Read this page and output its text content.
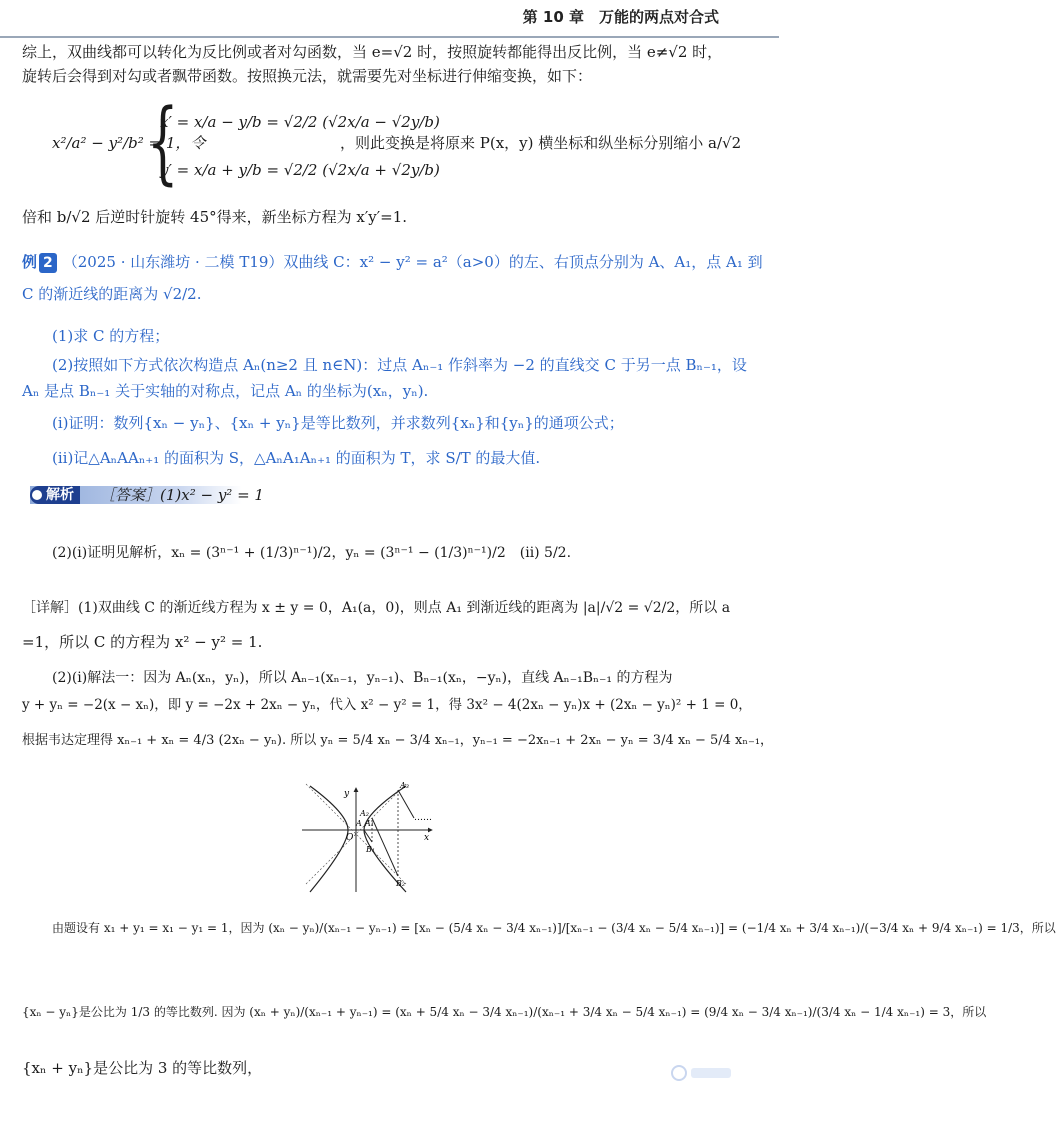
第 10 章　万能的两点对合式
综上，双曲线都可以转化为反比例或者对勾函数，当 e=√2 时，按照旋转都能得出反比例，当 e≠√2 时，
旋转后会得到对勾或者飘带函数。按照换元法，就需要先对坐标进行伸缩变换，如下：
x²/a² − y²/b² = 1，令
{
x′ = x/a − y/b = √2/2 (√2x/a − √2y/b)
y′ = x/a + y/b = √2/2 (√2x/a + √2y/b)
，则此变换是将原来 P(x，y) 横坐标和纵坐标分别缩小 a/√2
倍和 b/√2 后逆时针旋转 45°得来，新坐标方程为 x′y′=1.
例 2 （2025 · 山东潍坊 · 二模 T19）双曲线 C：x² − y² = a²（a>0）的左、右顶点分别为 A、A₁，点 A₁ 到
C 的渐近线的距离为 √2/2.
(1)求 C 的方程；
(2)按照如下方式依次构造点 Aₙ(n≥2 且 n∈N)：过点 Aₙ₋₁ 作斜率为 −2 的直线交 C 于另一点 Bₙ₋₁，设
Aₙ 是点 Bₙ₋₁ 关于实轴的对称点，记点 Aₙ 的坐标为(xₙ，yₙ).
(ⅰ)证明：数列{xₙ − yₙ}、{xₙ + yₙ}是等比数列，并求数列{xₙ}和{yₙ}的通项公式；
(ⅱ)记△AₙAAₙ₊₁ 的面积为 S，△AₙA₁Aₙ₊₁ 的面积为 T，求 S/T 的最大值.
解析	［答案］(1)x² − y² = 1
(2)(ⅰ)证明见解析，xₙ = (3ⁿ⁻¹ + (1/3)ⁿ⁻¹)/2，yₙ = (3ⁿ⁻¹ − (1/3)ⁿ⁻¹)/2　(ⅱ) 5/2.
［详解］(1)双曲线 C 的渐近线方程为 x ± y = 0，A₁(a，0)，则点 A₁ 到渐近线的距离为 |a|/√2 = √2/2，所以 a
=1，所以 C 的方程为 x² − y² = 1.
(2)(ⅰ)解法一：因为 Aₙ(xₙ，yₙ)，所以 Aₙ₋₁(xₙ₋₁，yₙ₋₁)、Bₙ₋₁(xₙ，−yₙ)，直线 Aₙ₋₁Bₙ₋₁ 的方程为
y + yₙ = −2(x − xₙ)，即 y = −2x + 2xₙ − yₙ，代入 x² − y² = 1，得 3x² − 4(2xₙ − yₙ)x + (2xₙ − yₙ)² + 1 = 0，
根据韦达定理得 xₙ₋₁ + xₙ = 4/3 (2xₙ − yₙ). 所以 yₙ = 5/4 xₙ − 3/4 xₙ₋₁，yₙ₋₁ = −2xₙ₋₁ + 2xₙ − yₙ = 3/4 xₙ − 5/4 xₙ₋₁，
y
x
O
A A₁
A₂
A₃
B₁
B₂
……
由题设有 x₁ + y₁ = x₁ − y₁ = 1，因为 (xₙ − yₙ)/(xₙ₋₁ − yₙ₋₁) = [xₙ − (5/4 xₙ − 3/4 xₙ₋₁)]/[xₙ₋₁ − (3/4 xₙ − 5/4 xₙ₋₁)] = (−1/4 xₙ + 3/4 xₙ₋₁)/(−3/4 xₙ + 9/4 xₙ₋₁) = 1/3，所以
{xₙ − yₙ}是公比为 1/3 的等比数列. 因为 (xₙ + yₙ)/(xₙ₋₁ + yₙ₋₁) = (xₙ + 5/4 xₙ − 3/4 xₙ₋₁)/(xₙ₋₁ + 3/4 xₙ − 5/4 xₙ₋₁) = (9/4 xₙ − 3/4 xₙ₋₁)/(3/4 xₙ − 1/4 xₙ₋₁) = 3，所以
{xₙ + yₙ}是公比为 3 的等比数列，
